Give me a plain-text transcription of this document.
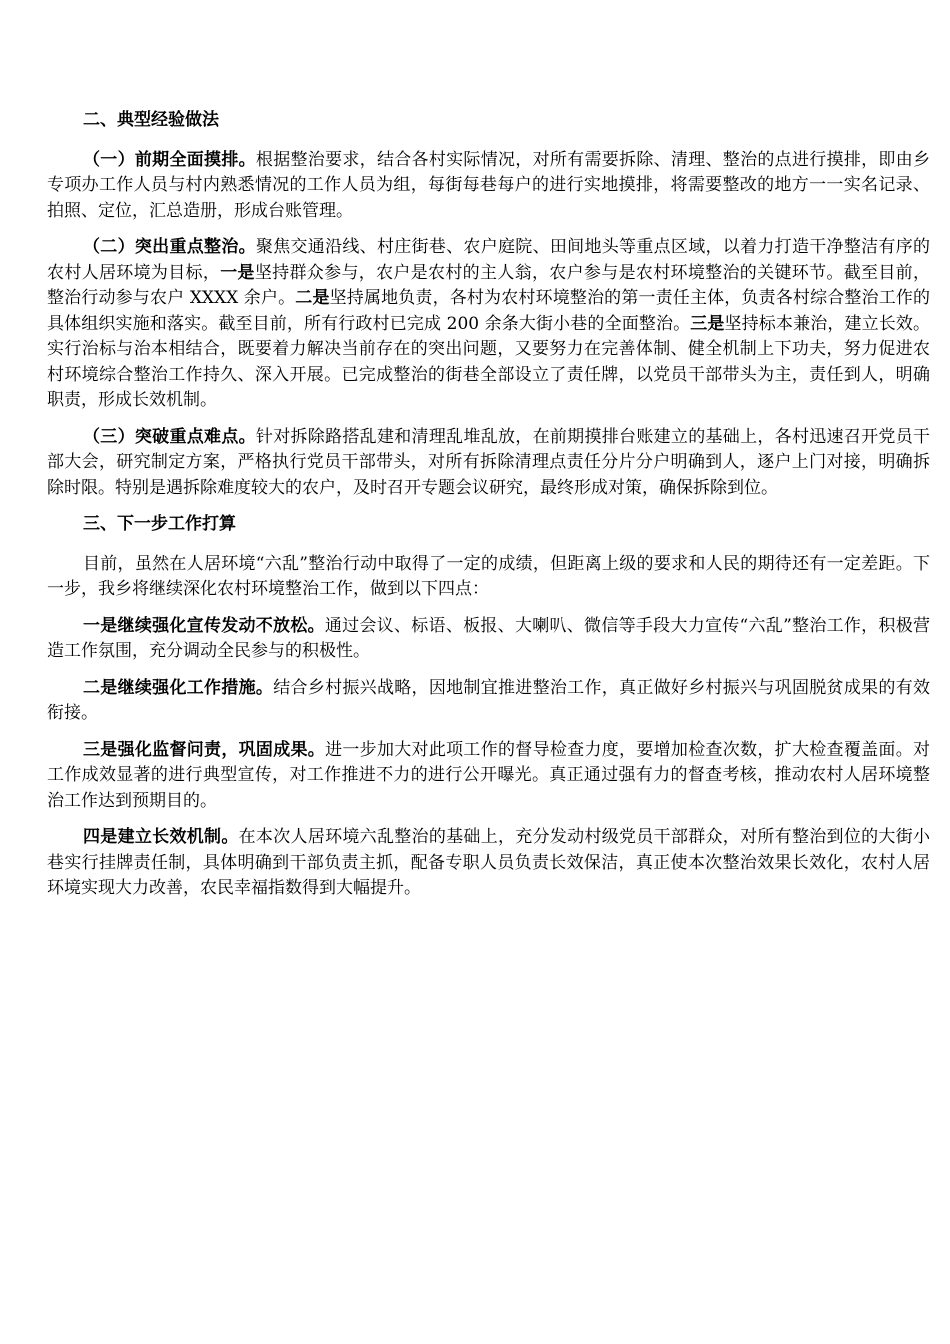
二、典型经验做法

（一）前期全面摸排。根据整治要求，结合各村实际情况，对所有需要拆除、清理、整治的点进行摸排，即由乡专项办工作人员与村内熟悉情况的工作人员为组，每街每巷每户的进行实地摸排，将需要整改的地方一一实名记录、拍照、定位，汇总造册，形成台账管理。

（二）突出重点整治。聚焦交通沿线、村庄街巷、农户庭院、田间地头等重点区域，以着力打造干净整洁有序的农村人居环境为目标，一是坚持群众参与，农户是农村的主人翁，农户参与是农村环境整治的关键环节。截至目前，整治行动参与农户 XXXX 余户。二是坚持属地负责，各村为农村环境整治的第一责任主体，负责各村综合整治工作的具体组织实施和落实。截至目前，所有行政村已完成 200 余条大街小巷的全面整治。三是坚持标本兼治，建立长效。实行治标与治本相结合，既要着力解决当前存在的突出问题，又要努力在完善体制、健全机制上下功夫，努力促进农村环境综合整治工作持久、深入开展。已完成整治的街巷全部设立了责任牌，以党员干部带头为主，责任到人，明确职责，形成长效机制。

（三）突破重点难点。针对拆除路搭乱建和清理乱堆乱放，在前期摸排台账建立的基础上，各村迅速召开党员干部大会，研究制定方案，严格执行党员干部带头，对所有拆除清理点责任分片分户明确到人，逐户上门对接，明确拆除时限。特别是遇拆除难度较大的农户，及时召开专题会议研究，最终形成对策，确保拆除到位。

三、下一步工作打算

目前，虽然在人居环境“六乱”整治行动中取得了一定的成绩，但距离上级的要求和人民的期待还有一定差距。下一步，我乡将继续深化农村环境整治工作，做到以下四点：

一是继续强化宣传发动不放松。通过会议、标语、板报、大喇叭、微信等手段大力宣传“六乱”整治工作，积极营造工作氛围，充分调动全民参与的积极性。

二是继续强化工作措施。结合乡村振兴战略，因地制宜推进整治工作，真正做好乡村振兴与巩固脱贫成果的有效衔接。

三是强化监督问责，巩固成果。进一步加大对此项工作的督导检查力度，要增加检查次数，扩大检查覆盖面。对工作成效显著的进行典型宣传，对工作推进不力的进行公开曝光。真正通过强有力的督查考核，推动农村人居环境整治工作达到预期目的。

四是建立长效机制。在本次人居环境六乱整治的基础上，充分发动村级党员干部群众，对所有整治到位的大街小巷实行挂牌责任制，具体明确到干部负责主抓，配备专职人员负责长效保洁，真正使本次整治效果长效化，农村人居环境实现大力改善，农民幸福指数得到大幅提升。
